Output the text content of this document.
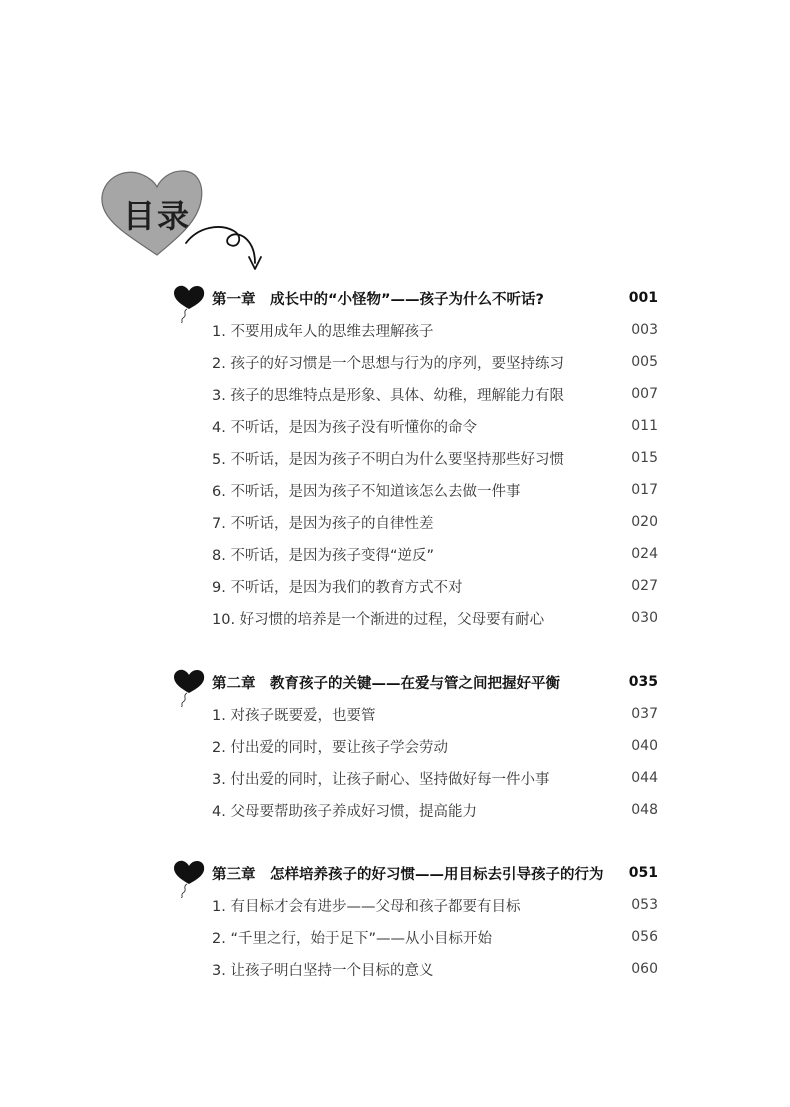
目录
第一章　成长中的“小怪物”——孩子为什么不听话?	001
1. 不要用成年人的思维去理解孩子	003
2. 孩子的好习惯是一个思想与行为的序列，要坚持练习	005
3. 孩子的思维特点是形象、具体、幼稚，理解能力有限	007
4. 不听话，是因为孩子没有听懂你的命令	011
5. 不听话，是因为孩子不明白为什么要坚持那些好习惯	015
6. 不听话，是因为孩子不知道该怎么去做一件事	017
7. 不听话，是因为孩子的自律性差	020
8. 不听话，是因为孩子变得“逆反”	024
9. 不听话，是因为我们的教育方式不对	027
10. 好习惯的培养是一个渐进的过程，父母要有耐心	030
第二章　教育孩子的关键——在爱与管之间把握好平衡	035
1. 对孩子既要爱，也要管	037
2. 付出爱的同时，要让孩子学会劳动	040
3. 付出爱的同时，让孩子耐心、坚持做好每一件小事	044
4. 父母要帮助孩子养成好习惯，提高能力	048
第三章　怎样培养孩子的好习惯——用目标去引导孩子的行为 051
1. 有目标才会有进步——父母和孩子都要有目标	053
2. “千里之行，始于足下”——从小目标开始	056
3. 让孩子明白坚持一个目标的意义	060
